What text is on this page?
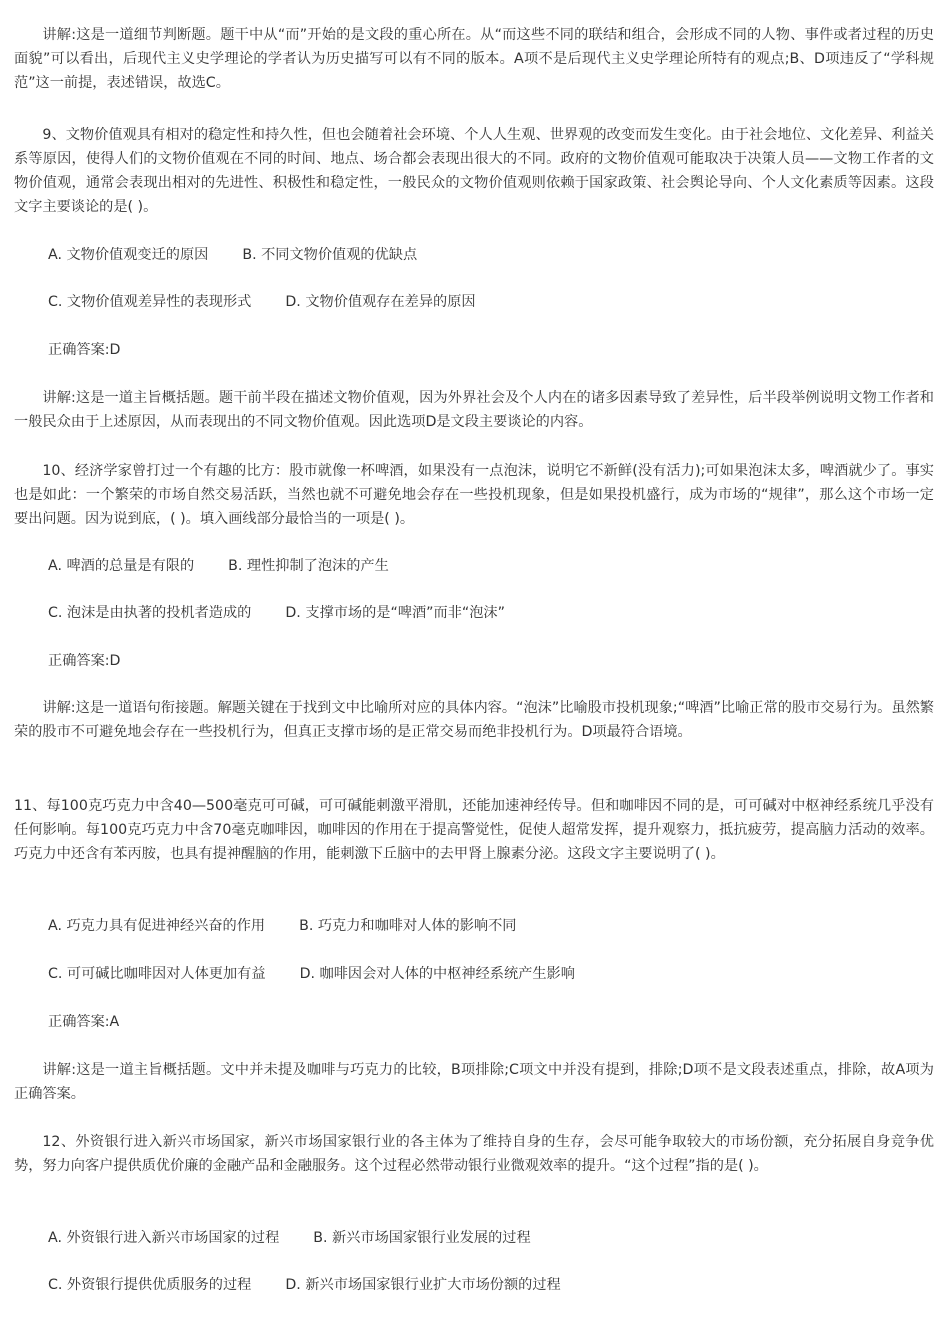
讲解:这是一道细节判断题。题干中从“而”开始的是文段的重心所在。从“而这些不同的联结和组合，会形成不同的人物、事件或者过程的历史面貌”可以看出，后现代主义史学理论的学者认为历史描写可以有不同的版本。A项不是后现代主义史学理论所特有的观点;B、D项违反了“学科规范”这一前提，表述错误，故选C。

9、文物价值观具有相对的稳定性和持久性，但也会随着社会环境、个人人生观、世界观的改变而发生变化。由于社会地位、文化差异、利益关系等原因，使得人们的文物价值观在不同的时间、地点、场合都会表现出很大的不同。政府的文物价值观可能取决于决策人员——文物工作者的文物价值观，通常会表现出相对的先进性、积极性和稳定性，一般民众的文物价值观则依赖于国家政策、社会舆论导向、个人文化素质等因素。这段文字主要谈论的是( )。

A. 文物价值观变迁的原因 B. 不同文物价值观的优缺点

C. 文物价值观差异性的表现形式 D. 文物价值观存在差异的原因

正确答案:D

讲解:这是一道主旨概括题。题干前半段在描述文物价值观，因为外界社会及个人内在的诸多因素导致了差异性，后半段举例说明文物工作者和一般民众由于上述原因，从而表现出的不同文物价值观。因此选项D是文段主要谈论的内容。

10、经济学家曾打过一个有趣的比方：股市就像一杯啤酒，如果没有一点泡沫，说明它不新鲜(没有活力);可如果泡沫太多，啤酒就少了。事实也是如此：一个繁荣的市场自然交易活跃，当然也就不可避免地会存在一些投机现象，但是如果投机盛行，成为市场的“规律”，那么这个市场一定要出问题。因为说到底，( )。填入画线部分最恰当的一项是( )。

A. 啤酒的总量是有限的 B. 理性抑制了泡沫的产生

C. 泡沫是由执著的投机者造成的 D. 支撑市场的是“啤酒”而非“泡沫”

正确答案:D

讲解:这是一道语句衔接题。解题关键在于找到文中比喻所对应的具体内容。“泡沫”比喻股市投机现象;“啤酒”比喻正常的股市交易行为。虽然繁荣的股市不可避免地会存在一些投机行为，但真正支撑市场的是正常交易而绝非投机行为。D项最符合语境。

11、每100克巧克力中含40—500毫克可可碱，可可碱能刺激平滑肌，还能加速神经传导。但和咖啡因不同的是，可可碱对中枢神经系统几乎没有任何影响。每100克巧克力中含70毫克咖啡因，咖啡因的作用在于提高警觉性，促使人超常发挥，提升观察力，抵抗疲劳，提高脑力活动的效率。巧克力中还含有苯丙胺，也具有提神醒脑的作用，能刺激下丘脑中的去甲肾上腺素分泌。这段文字主要说明了( )。

A. 巧克力具有促进神经兴奋的作用 B. 巧克力和咖啡对人体的影响不同

C. 可可碱比咖啡因对人体更加有益 D. 咖啡因会对人体的中枢神经系统产生影响

正确答案:A

讲解:这是一道主旨概括题。文中并未提及咖啡与巧克力的比较，B项排除;C项文中并没有提到，排除;D项不是文段表述重点，排除，故A项为正确答案。

12、外资银行进入新兴市场国家，新兴市场国家银行业的各主体为了维持自身的生存，会尽可能争取较大的市场份额，充分拓展自身竞争优势，努力向客户提供质优价廉的金融产品和金融服务。这个过程必然带动银行业微观效率的提升。“这个过程”指的是( )。

A. 外资银行进入新兴市场国家的过程 B. 新兴市场国家银行业发展的过程

C. 外资银行提供优质服务的过程 D. 新兴市场国家银行业扩大市场份额的过程
